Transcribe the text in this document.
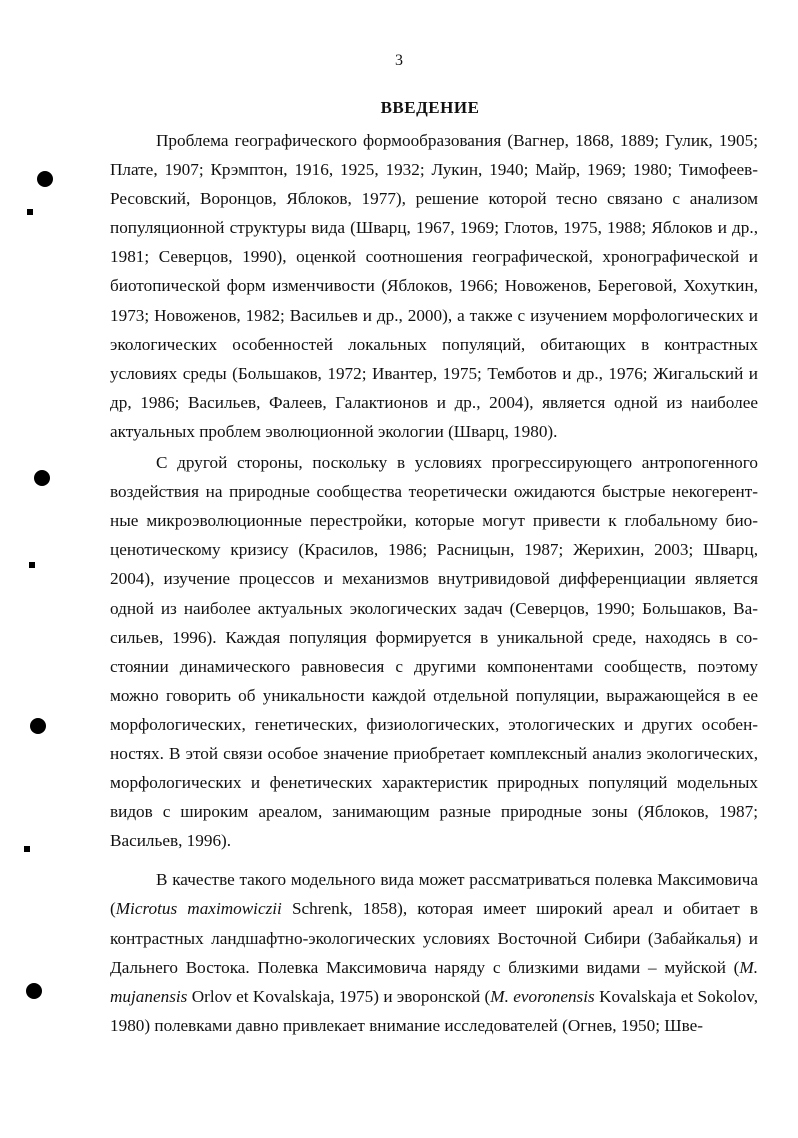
3
ВВЕДЕНИЕ

Проблема географического формообразования (Вагнер, 1868, 1889; Гулик, 1905; Плате, 1907; Крэмптон, 1916, 1925, 1932; Лукин, 1940; Майр, 1969; 1980; Тимофеев-Ресовский, Воронцов, Яблоков, 1977), решение которой тесно связано с анализом популяционной структуры вида (Шварц, 1967, 1969; Глотов, 1975, 1988; Яблоков и др., 1981; Северцов, 1990), оценкой соотношения географической, хронографической и биотопической форм изменчивости (Яблоков, 1966; Новоженов, Береговой, Хохуткин, 1973; Новоженов, 1982; Васильев и др., 2000), а также с изучением морфологических и экологических особенностей локальных популяций, обитающих в контрастных условиях среды (Большаков, 1972; Ивантер, 1975; Темботов и др., 1976; Жигальский и др, 1986; Васильев, Фалеев, Галактионов и др., 2004), является одной из наиболее актуальных проблем эволюционной экологии (Шварц, 1980).

С другой стороны, поскольку в условиях прогрессирующего антропогенного воздействия на природные сообщества теоретически ожидаются быстрые некогерентные микроэволюционные перестройки, которые могут привести к глобальному биоценотическому кризису (Красилов, 1986; Расницын, 1987; Жерихин, 2003; Шварц, 2004), изучение процессов и механизмов внутривидовой дифференциации является одной из наиболее актуальных экологических задач (Северцов, 1990; Большаков, Васильев, 1996). Каждая популяция формируется в уникальной среде, находясь в состоянии динамического равновесия с другими компонентами сообществ, поэтому можно говорить об уникальности каждой отдельной популяции, выражающейся в ее морфологических, генетических, физиологических, этологических и других особенностях. В этой связи особое значение приобретает комплексный анализ экологических, морфологических и фенетических характеристик природных популяций модельных видов с широким ареалом, занимающим разные природные зоны (Яблоков, 1987; Васильев, 1996).

В качестве такого модельного вида может рассматриваться полевка Максимовича (Microtus maximowiczii Schrenk, 1858), которая имеет широкий ареал и обитает в контрастных ландшафтно-экологических условиях Восточной Сибири (Забайкалья) и Дальнего Востока. Полевка Максимовича наряду с близкими видами – муйской (M. mujanensis Orlov et Kovalskaja, 1975) и эворонской (M. evoronensis Kovalskaja et Sokolov, 1980) полевками давно привлекает внимание исследователей (Огнев, 1950; Шве-
